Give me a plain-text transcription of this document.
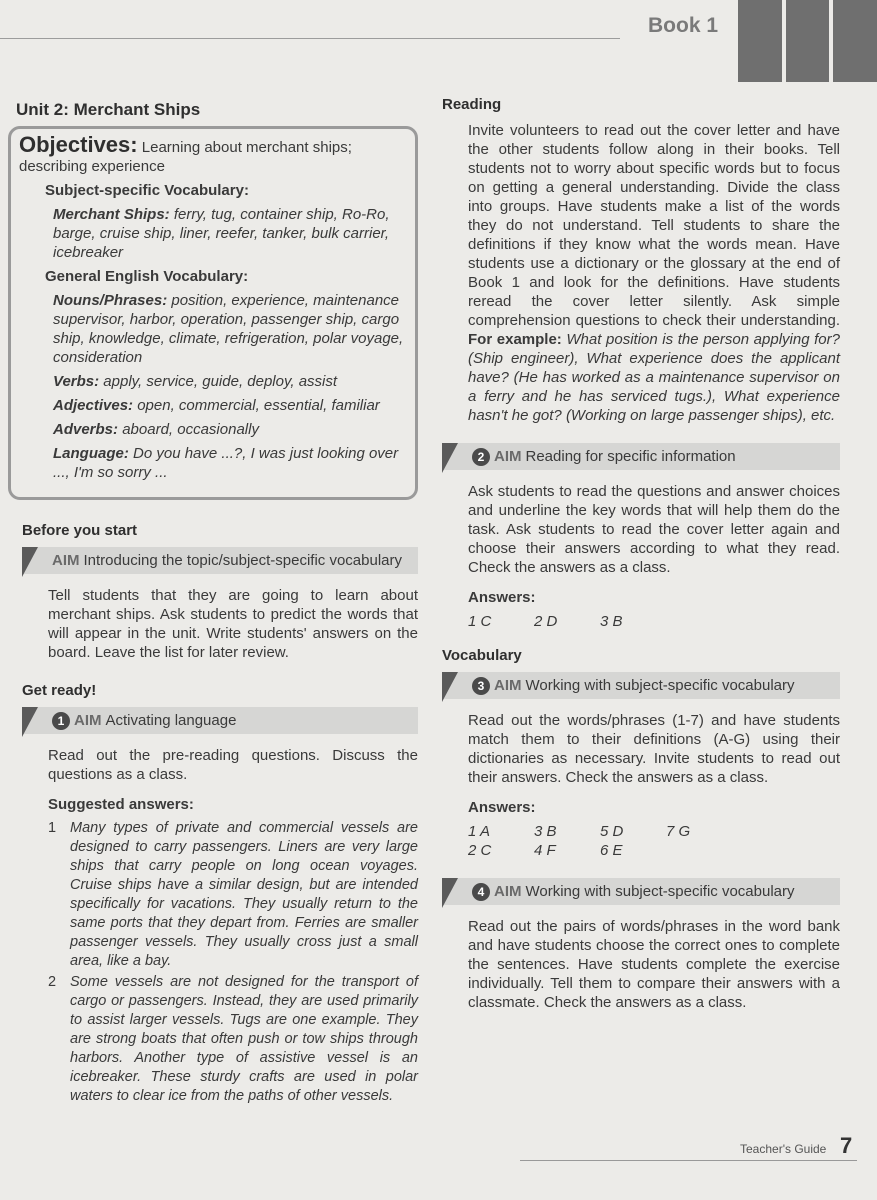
Book 1
Unit 2: Merchant Ships

Objectives: Learning about merchant ships; describing experience

Subject-specific Vocabulary:

Merchant Ships: ferry, tug, container ship, Ro-Ro, barge, cruise ship, liner, reefer, tanker, bulk carrier, icebreaker

General English Vocabulary:

Nouns/Phrases: position, experience, maintenance supervisor, harbor, operation, passenger ship, cargo ship, knowledge, climate, refrigeration, polar voyage, consideration

Verbs: apply, service, guide, deploy, assist

Adjectives: open, commercial, essential, familiar

Adverbs: aboard, occasionally

Language: Do you have ...?, I was just looking over ..., I'm so sorry ...

Before you start
AIM Introducing the topic/subject-specific vocabulary

Tell students that they are going to learn about merchant ships. Ask students to predict the words that will appear in the unit. Write students' answers on the board. Leave the list for later review.

Get ready!
1 AIM Activating language

Read out the pre-reading questions. Discuss the questions as a class.

Suggested answers:

1 Many types of private and commercial vessels are designed to carry passengers. Liners are very large ships that carry people on long ocean voyages. Cruise ships have a similar design, but are intended specifically for vacations. They usually return to the same ports that they depart from. Ferries are smaller passenger vessels. They usually cross just a small area, like a bay.
2 Some vessels are not designed for the transport of cargo or passengers. Instead, they are used primarily to assist larger vessels. Tugs are one example. They are strong boats that often push or tow ships through harbors. Another type of assistive vessel is an icebreaker. These sturdy crafts are used in polar waters to clear ice from the paths of other vessels.
Reading

Invite volunteers to read out the cover letter and have the other students follow along in their books. Tell students not to worry about specific words but to focus on getting a general understanding. Divide the class into groups. Have students make a list of the words they do not understand. Tell students to share the definitions if they know what the words mean. Have students use a dictionary or the glossary at the end of Book 1 and look for the definitions. Have students reread the cover letter silently. Ask simple comprehension questions to check their understanding. For example: What position is the person applying for? (Ship engineer), What experience does the applicant have? (He has worked as a maintenance supervisor on a ferry and he has serviced tugs.), What experience hasn't he got? (Working on large passenger ships), etc.

2 AIM Reading for specific information

Ask students to read the questions and answer choices and underline the key words that will help them do the task. Ask students to read the cover letter again and choose their answers according to what they read. Check the answers as a class.

Answers:

1 C	2 D	3 B

Vocabulary
3 AIM Working with subject-specific vocabulary

Read out the words/phrases (1-7) and have students match them to their definitions (A-G) using their dictionaries as necessary. Invite students to read out their answers. Check the answers as a class.

Answers:

1 A	3 B	5 D	7 G

2 C	4 F	6 E

4 AIM Working with subject-specific vocabulary

Read out the pairs of words/phrases in the word bank and have students choose the correct ones to complete the sentences. Have students complete the exercise individually. Tell them to compare their answers with a classmate. Check the answers as a class.

Teacher's Guide 7
